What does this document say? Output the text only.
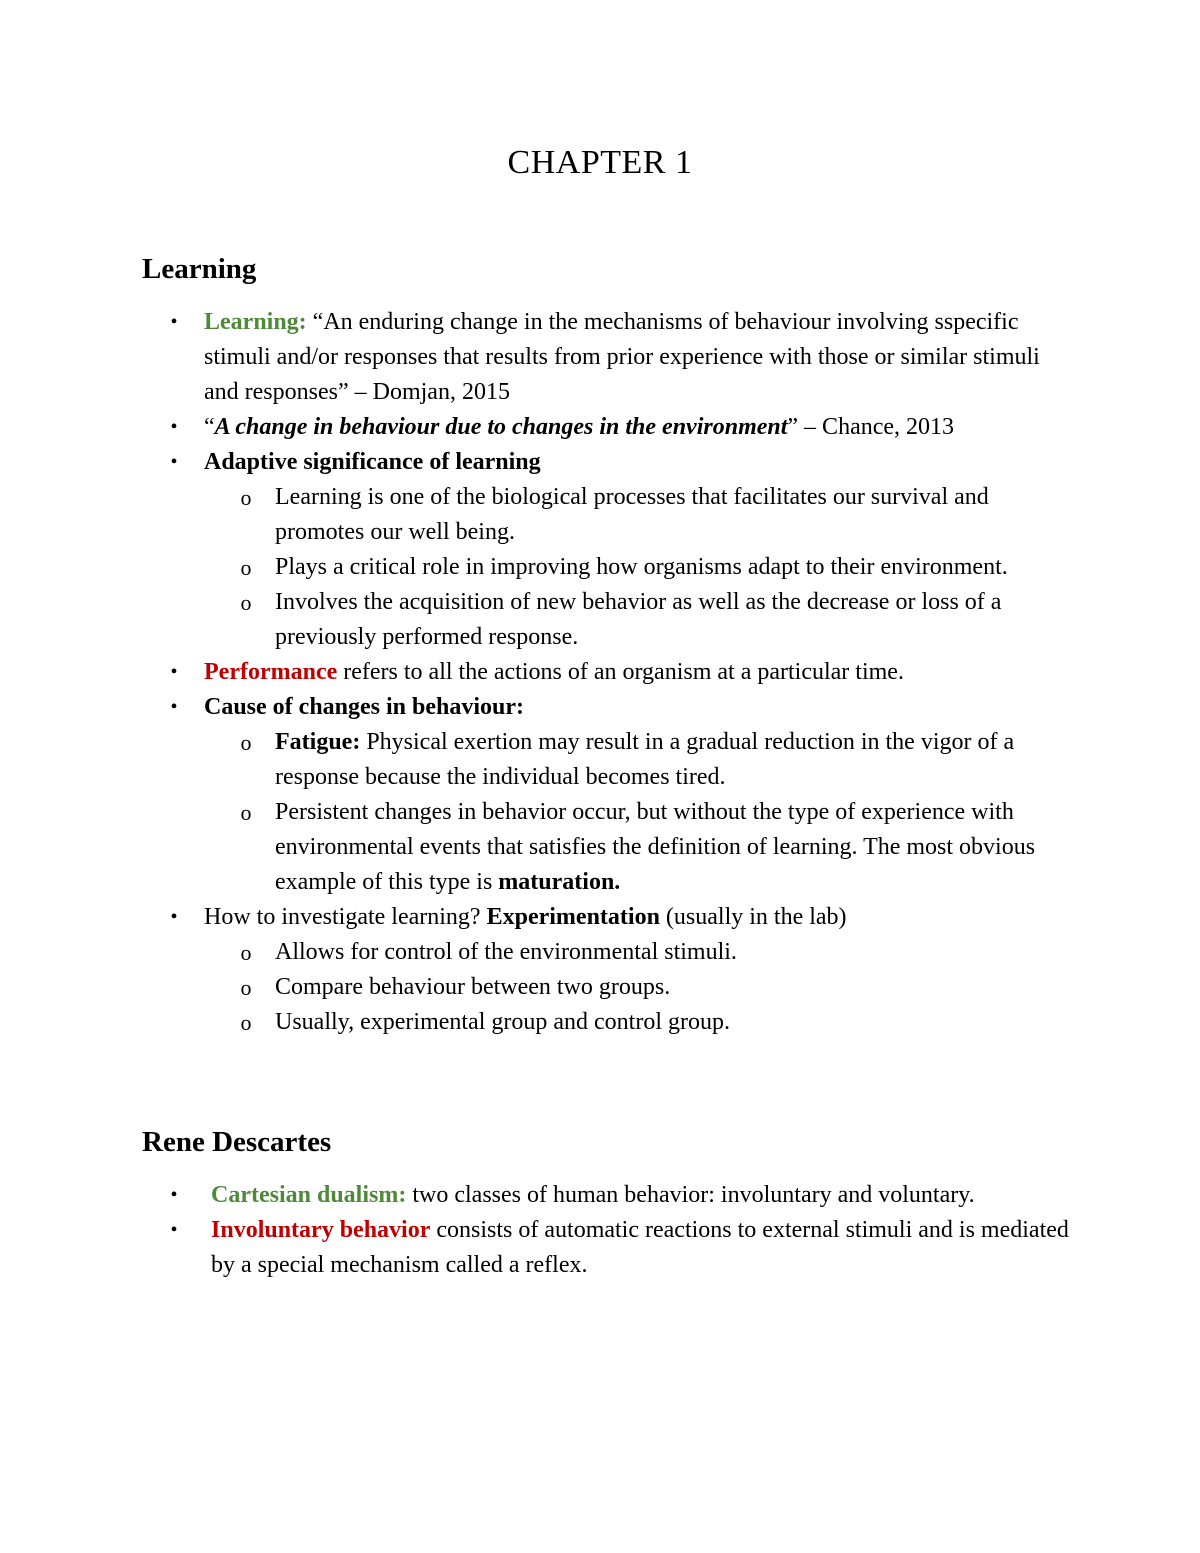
CHAPTER 1
Learning
• Learning: “An enduring change in the mechanisms of behaviour involving sspecific stimuli and/or responses that results from prior experience with those or similar stimuli and responses” – Domjan, 2015
• “A change in behaviour due to changes in the environment” – Chance, 2013
• Adaptive significance of learning
o Learning is one of the biological processes that facilitates our survival and promotes our well being.
o Plays a critical role in improving how organisms adapt to their environment.
o Involves the acquisition of new behavior as well as the decrease or loss of a previously performed response.
• Performance refers to all the actions of an organism at a particular time.
• Cause of changes in behaviour:
o Fatigue: Physical exertion may result in a gradual reduction in the vigor of a response because the individual becomes tired.
o Persistent changes in behavior occur, but without the type of experience with environmental events that satisfies the definition of learning. The most obvious example of this type is maturation.
• How to investigate learning? Experimentation (usually in the lab)
o Allows for control of the environmental stimuli.
o Compare behaviour between two groups.
o Usually, experimental group and control group.
Rene Descartes
• Cartesian dualism: two classes of human behavior: involuntary and voluntary.
• Involuntary behavior consists of automatic reactions to external stimuli and is mediated by a special mechanism called a reflex.
